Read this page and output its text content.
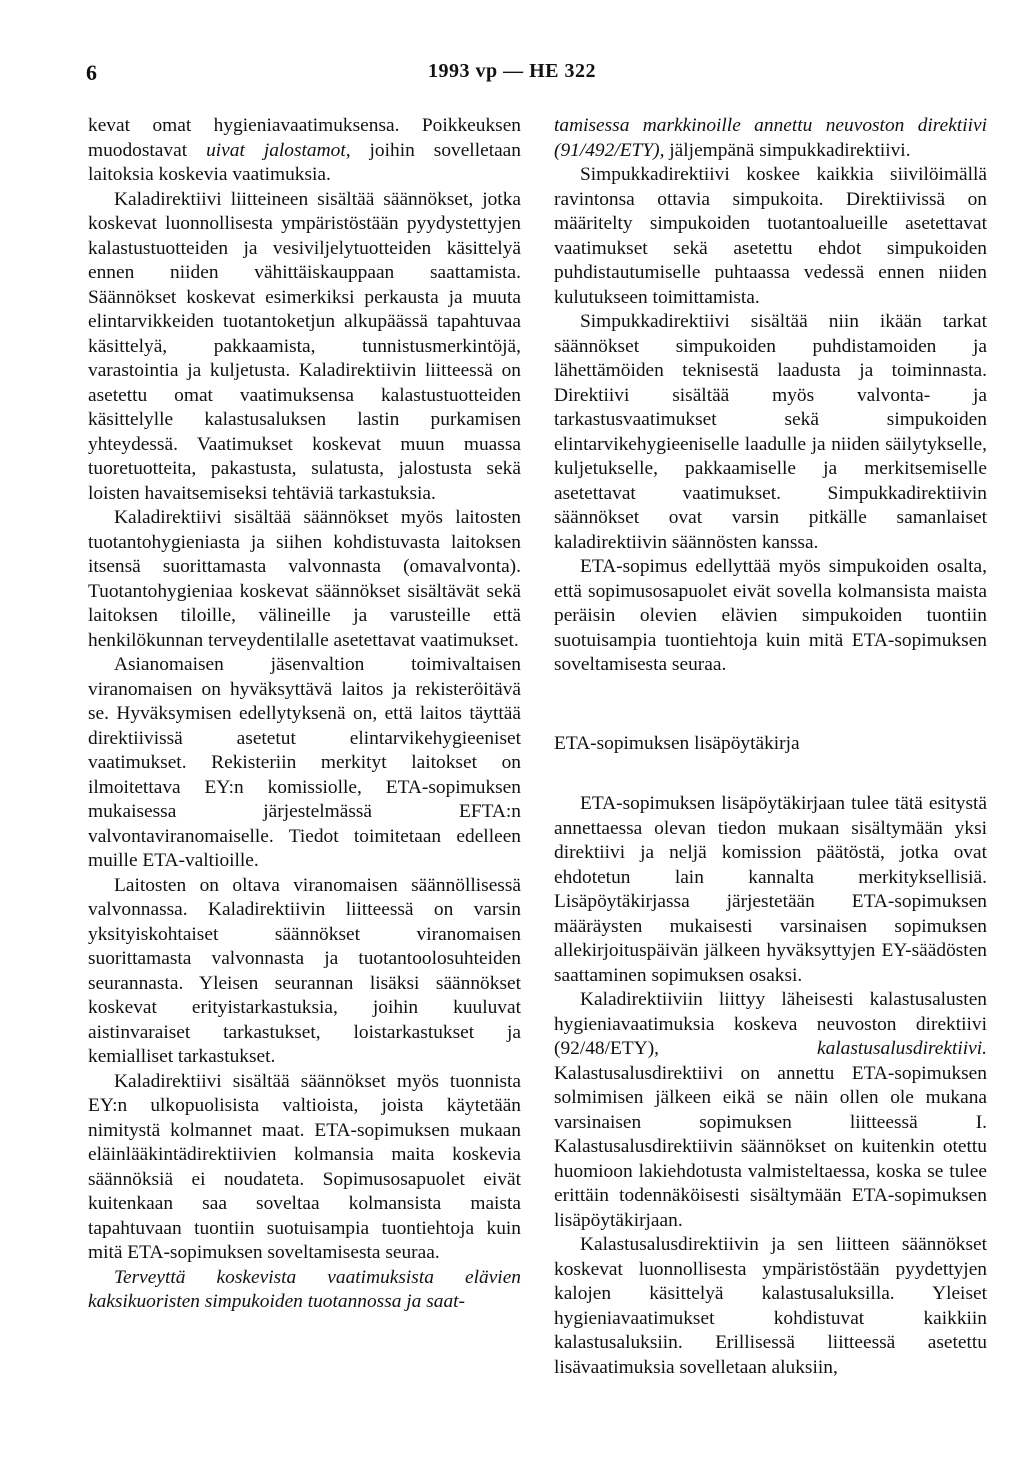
6	1993 vp — HE 322

kevat omat hygieniavaatimuksensa. Poikkeuksen muodostavat uivat jalostamot, joihin sovelletaan laitoksia koskevia vaatimuksia.

Kaladirektiivi liitteineen sisältää säännökset, jotka koskevat luonnollisesta ympäristöstään pyydystettyjen kalastustuotteiden ja vesiviljelytuotteiden käsittelyä ennen niiden vähittäiskauppaan saattamista. Säännökset koskevat esimerkiksi perkausta ja muuta elintarvikkeiden tuotantoketjun alkupäässä tapahtuvaa käsittelyä, pakkaamista, tunnistusmerkintöjä, varastointia ja kuljetusta. Kaladirektiivin liitteessä on asetettu omat vaatimuksensa kalastustuotteiden käsittelylle kalastusaluksen lastin purkamisen yhteydessä. Vaatimukset koskevat muun muassa tuoretuotteita, pakastusta, sulatusta, jalostusta sekä loisten havaitsemiseksi tehtäviä tarkastuksia.

Kaladirektiivi sisältää säännökset myös laitosten tuotantohygieniasta ja siihen kohdistuvasta laitoksen itsensä suorittamasta valvonnasta (omavalvonta). Tuotantohygieniaa koskevat säännökset sisältävät sekä laitoksen tiloille, välineille ja varusteille että henkilökunnan terveydentilalle asetettavat vaatimukset.

Asianomaisen jäsenvaltion toimivaltaisen viranomaisen on hyväksyttävä laitos ja rekisteröitävä se. Hyväksymisen edellytyksenä on, että laitos täyttää direktiivissä asetetut elintarvikehygieeniset vaatimukset. Rekisteriin merkityt laitokset on ilmoitettava EY:n komissiolle, ETA-sopimuksen mukaisessa järjestelmässä EFTA:n valvontaviranomaiselle. Tiedot toimitetaan edelleen muille ETA-valtioille.

Laitosten on oltava viranomaisen säännöllisessä valvonnassa. Kaladirektiivin liitteessä on varsin yksityiskohtaiset säännökset viranomaisen suorittamasta valvonnasta ja tuotantoolosuhteiden seurannasta. Yleisen seurannan lisäksi säännökset koskevat erityistarkastuksia, joihin kuuluvat aistinvaraiset tarkastukset, loistarkastukset ja kemialliset tarkastukset.

Kaladirektiivi sisältää säännökset myös tuonnista EY:n ulkopuolisista valtioista, joista käytetään nimitystä kolmannet maat. ETA-sopimuksen mukaan eläinlääkintädirektiivien kolmansia maita koskevia säännöksiä ei noudateta. Sopimusosapuolet eivät kuitenkaan saa soveltaa kolmansista maista tapahtuvaan tuontiin suotuisampia tuontiehtoja kuin mitä ETA-sopimuksen soveltamisesta seuraa.

Terveyttä koskevista vaatimuksista elävien kaksikuoristen simpukoiden tuotannossa ja saat-

tamisessa markkinoille annettu neuvoston direktiivi (91/492/ETY), jäljempänä simpukkadirektiivi.

Simpukkadirektiivi koskee kaikkia siivilöimällä ravintonsa ottavia simpukoita. Direktiivissä on määritelty simpukoiden tuotantoalueille asetettavat vaatimukset sekä asetettu ehdot simpukoiden puhdistautumiselle puhtaassa vedessä ennen niiden kulutukseen toimittamista.

Simpukkadirektiivi sisältää niin ikään tarkat säännökset simpukoiden puhdistamoiden ja lähettämöiden teknisestä laadusta ja toiminnasta. Direktiivi sisältää myös valvonta- ja tarkastusvaatimukset sekä simpukoiden elintarvikehygieeniselle laadulle ja niiden säilytykselle, kuljetukselle, pakkaamiselle ja merkitsemiselle asetettavat vaatimukset. Simpukkadirektiivin säännökset ovat varsin pitkälle samanlaiset kaladirektiivin säännösten kanssa.

ETA-sopimus edellyttää myös simpukoiden osalta, että sopimusosapuolet eivät sovella kolmansista maista peräisin olevien elävien simpukoiden tuontiin suotuisampia tuontiehtoja kuin mitä ETA-sopimuksen soveltamisesta seuraa.

ETA-sopimuksen lisäpöytäkirja

ETA-sopimuksen lisäpöytäkirjaan tulee tätä esitystä annettaessa olevan tiedon mukaan sisältymään yksi direktiivi ja neljä komission päätöstä, jotka ovat ehdotetun lain kannalta merkityksellisiä. Lisäpöytäkirjassa järjestetään ETA-sopimuksen määräysten mukaisesti varsinaisen sopimuksen allekirjoituspäivän jälkeen hyväksyttyjen EY-säädösten saattaminen sopimuksen osaksi.

Kaladirektiiviin liittyy läheisesti kalastusalusten hygieniavaatimuksia koskeva neuvoston direktiivi (92/48/ETY),	kalastusalusdirektiivi. Kalastusalusdirektiivi on annettu ETA-sopimuksen solmimisen jälkeen eikä se näin ollen ole mukana varsinaisen sopimuksen liitteessä I. Kalastusalusdirektiivin säännökset on kuitenkin otettu huomioon lakiehdotusta valmisteltaessa, koska se tulee erittäin todennäköisesti sisältymään ETA-sopimuksen lisäpöytäkirjaan.

Kalastusalusdirektiivin ja sen liitteen säännökset koskevat luonnollisesta ympäristöstään pyydettyjen kalojen käsittelyä kalastusaluksilla. Yleiset hygieniavaatimukset kohdistuvat kaikkiin kalastusaluksiin. Erillisessä liitteessä asetettu lisävaatimuksia sovelletaan aluksiin,
